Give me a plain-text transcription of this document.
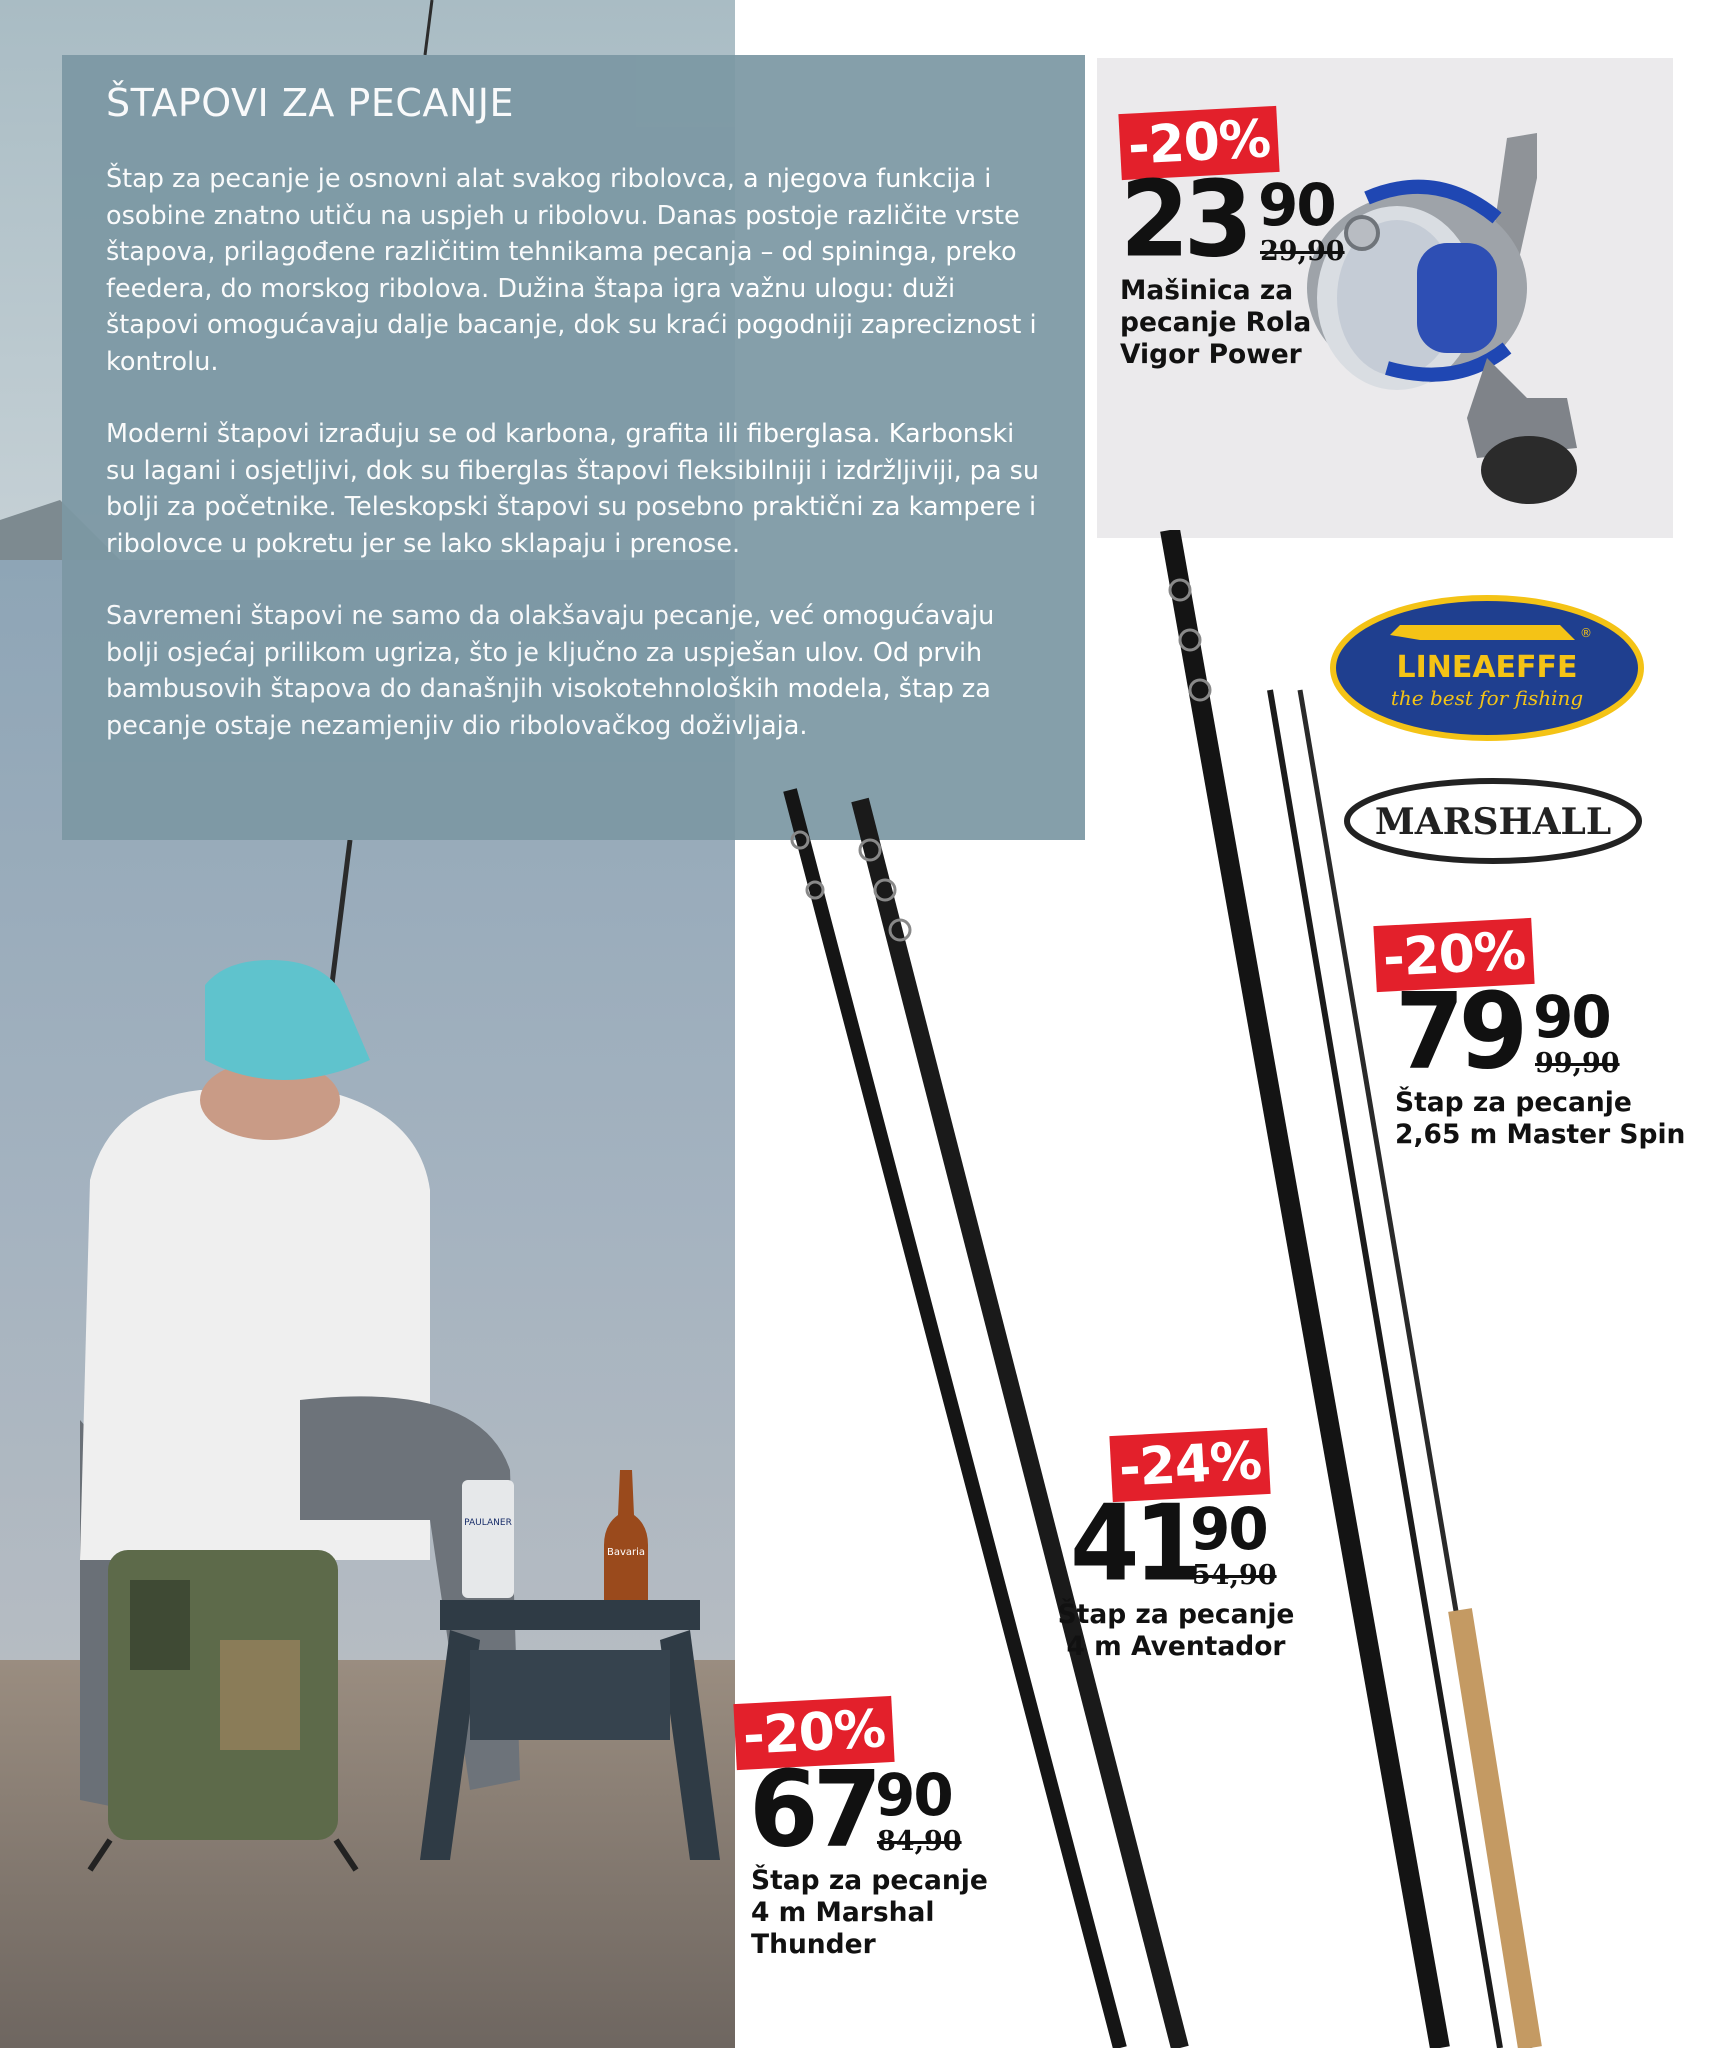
PAULANER
Bavaria
ŠTAPOVI ZA PECANJE

Štap za pecanje je osnovni alat svakog ribolovca, a njegova funkcija i osobine znatno utiču na uspjeh u ribolovu. Danas postoje različite vrste štapova, prilagođene različitim tehnikama pecanja – od spininga, preko feedera, do morskog ribolova. Dužina štapa igra važnu ulogu: duži štapovi omogućavaju dalje bacanje, dok su kraći pogodniji zapreciznost i kontrolu.

Moderni štapovi izrađuju se od karbona, grafita ili fiberglasa. Karbonski su lagani i osjetljivi, dok su fiberglas štapovi fleksibilniji i izdržljiviji, pa su bolji za početnike. Teleskopski štapovi su posebno praktični za kampere i ribolovce u pokretu jer se lako sklapaju i prenose.

Savremeni štapovi ne samo da olakšavaju pecanje, već omogućavaju bolji osjećaj prilikom ugriza, što je ključno za uspješan ulov. Od prvih bambusovih štapova do današnjih visokotehnoloških modela, štap za pecanje ostaje nezamjenjiv dio ribolovačkog doživljaja.

LINEAEFFE
the best for fishing
®
MARSHALL
-20%
23 90
29,90
Mašinica za
pecanje Rola
Vigor Power
-20%
79 90
99,90
Štap za pecanje
2,65 m Master Spin
-24%
41
90
54,90
Štap za pecanje
4 m Aventador
-20%
67
90
84,90
Štap za pecanje
4 m Marshal
Thunder
